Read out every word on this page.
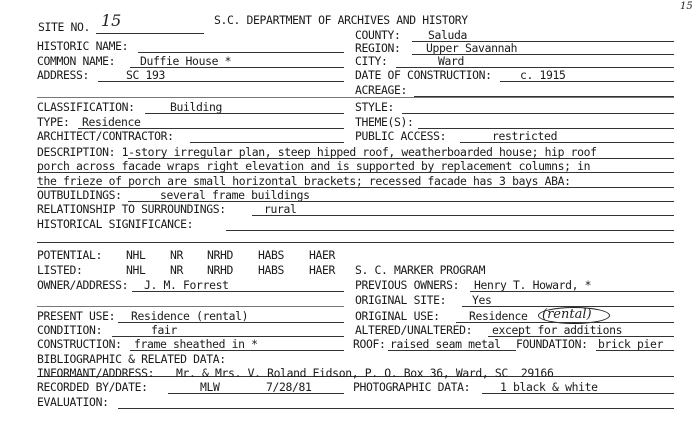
15
SITE NO. 15	S.C. DEPARTMENT OF ARCHIVES AND HISTORY
COUNTY: Saluda
REGION: Upper Savannah
CITY:	Ward
DATE OF CONSTRUCTION: c. 1915
ACREAGE:
HISTORIC NAME:
COMMON NAME: Duffie House *
ADDRESS:	SC 193
CLASSIFICATION:	Building	STYLE:
TYPE: Residence	THEME(S):
ARCHITECT/CONTRACTOR:	PUBLIC ACCESS:	restricted
DESCRIPTION: 1-story irregular plan, steep hipped roof, weatherboarded house; hip roof
porch across facade wraps right elevation and is supported by replacement columns; in
the frieze of porch are small horizontal brackets; recessed facade has 3 bays ABA:
OUTBUILDINGS:	several frame buildings
RELATIONSHIP TO SURROUNDINGS:	rural
HISTORICAL SIGNIFICANCE:
POTENTIAL: NHL NR NRHD HABS HAER
LISTED:	NHL NR NRHD HABS HAER S. C. MARKER PROGRAM
OWNER/ADDRESS: J. M. Forrest	PREVIOUS OWNERS: Henry T. Howard, *
ORIGINAL SITE: Yes
PRESENT USE: Residence (rental)	ORIGINAL USE:	Residence (rental)
CONDITION:	fair	ALTERED/UNALTERED: except for additions
CONSTRUCTION: frame sheathed in *	ROOF: raised seam metal FOUNDATION: brick pier
BIBLIOGRAPHIC & RELATED DATA:
INFORMANT/ADDRESS: Mr. & Mrs. V. Roland Eidson, P. O. Box 36, Ward, SC  29166
RECORDED BY/DATE:	MLW	7/28/81	PHOTOGRAPHIC DATA:	1 black & white
EVALUATION:
